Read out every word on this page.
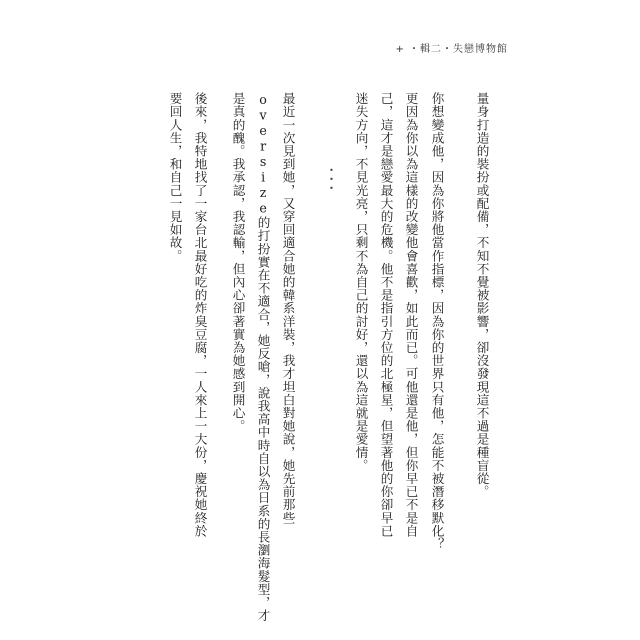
+ ・輯二・失戀博物館
量身打造的裝扮或配備，不知不覺被影響，卻沒發現這不過是種盲從。
你想變成他，因為你將他當作指標，因為你的世界只有他，怎能不被潛移默化？
更因為你以為這樣的改變他會喜歡，如此而已。可他還是他，但你早已不是自
己，這才是戀愛最大的危機。他不是指引方位的北極星，但望著他的你卻早已
迷失方向，不見光亮，只剩不為自己的討好，還以為這就是愛情。
•••
最近一次見到她，又穿回適合她的韓系洋裝，我才坦白對她說，她先前那些
oversize的打扮實在不適合，她反嗆，說我高中時自以為日系的長瀏海髮型，才
是真的醜。我承認，我認輸，但內心卻著實為她感到開心。
後來，我特地找了一家台北最好吃的炸臭豆腐，一人來上一大份，慶祝她終於
要回人生，和自己一見如故。
